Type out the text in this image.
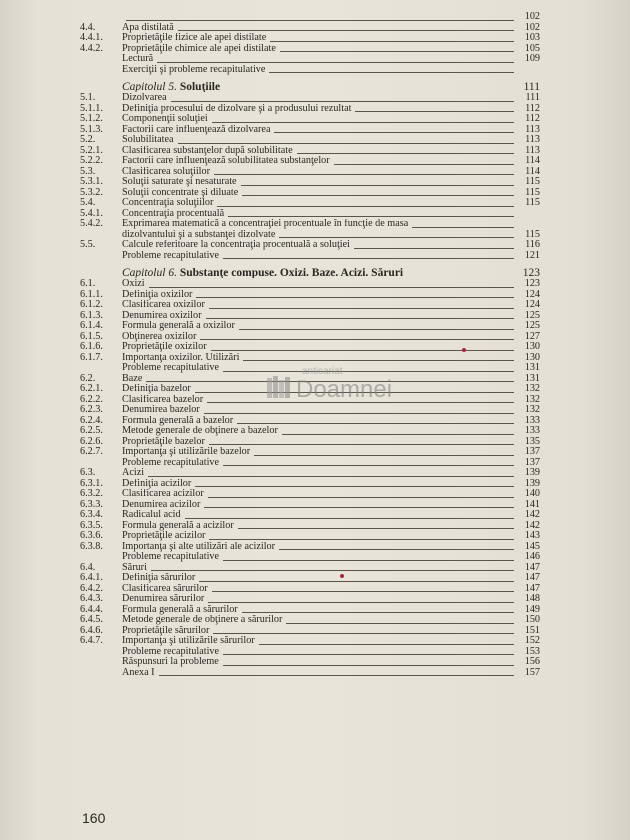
102
4.4.	Apa distilată	102
4.4.1.	Proprietăţile fizice ale apei distilate	103
4.4.2.	Proprietăţile chimice ale apei distilate	105
Lectură	109
Exerciţii şi probleme recapitulative
Capitolul 5. Soluţiile	111
5.1.	Dizolvarea	111
5.1.1.	Definiţia procesului de dizolvare şi a produsului rezultat	112
5.1.2.	Componenţii soluţiei	112
5.1.3.	Factorii care influenţează dizolvarea	113
5.2.	Solubilitatea	113
5.2.1.	Clasificarea substanţelor după solubilitate	113
5.2.2.	Factorii care influenţează solubilitatea substanţelor	114
5.3.	Clasificarea soluţiilor	114
5.3.1.	Soluţii saturate şi nesaturate	115
5.3.2.	Soluţii concentrate şi diluate	115
5.4.	Concentraţia soluţiilor	115
5.4.1.	Concentraţia procentuală
5.4.2.	Exprimarea matematică a concentraţiei procentuale în funcţie de masa
dizolvantului şi a substanţei dizolvate	115
5.5.	Calcule referitoare la concentraţia procentuală a soluţiei	116
Probleme recapitulative	121
Capitolul 6. Substanţe compuse. Oxizi. Baze. Acizi. Săruri	123
6.1.	Oxizi	123
6.1.1.	Definiţia oxizilor	124
6.1.2.	Clasificarea oxizilor	124
6.1.3.	Denumirea oxizilor	125
6.1.4.	Formula generală a oxizilor	125
6.1.5.	Obţinerea oxizilor	127
6.1.6.	Proprietăţile oxizilor	130
6.1.7.	Importanţa oxizilor. Utilizări	130
Probleme recapitulative	131
6.2.	Baze	131
6.2.1.	Definiţia bazelor	132
6.2.2.	Clasificarea bazelor	132
6.2.3.	Denumirea bazelor	132
6.2.4.	Formula generală a bazelor	133
6.2.5.	Metode generale de obţinere a bazelor	133
6.2.6.	Proprietăţile bazelor	135
6.2.7.	Importanţa şi utilizările bazelor	137
Probleme recapitulative	137
6.3.	Acizi	139
6.3.1.	Definiţia acizilor	139
6.3.2.	Clasificarea acizilor	140
6.3.3.	Denumirea acizilor	141
6.3.4.	Radicalul acid	142
6.3.5.	Formula generală a acizilor	142
6.3.6.	Proprietăţile acizilor	143
6.3.8.	Importanţa şi alte utilizări ale acizilor	145
Probleme recapitulative	146
6.4.	Săruri	147
6.4.1.	Definiţia sărurilor	147
6.4.2.	Clasificarea sărurilor	147
6.4.3.	Denumirea sărurilor	148
6.4.4.	Formula generală a sărurilor	149
6.4.5.	Metode generale de obţinere a sărurilor	150
6.4.6.	Proprietăţile sărurilor	151
6.4.7.	Importanţa şi utilizările sărurilor	152
Probleme recapitulative	153
Răspunsuri la probleme	156
Anexa I	157
anticariat
Doamnei
160
